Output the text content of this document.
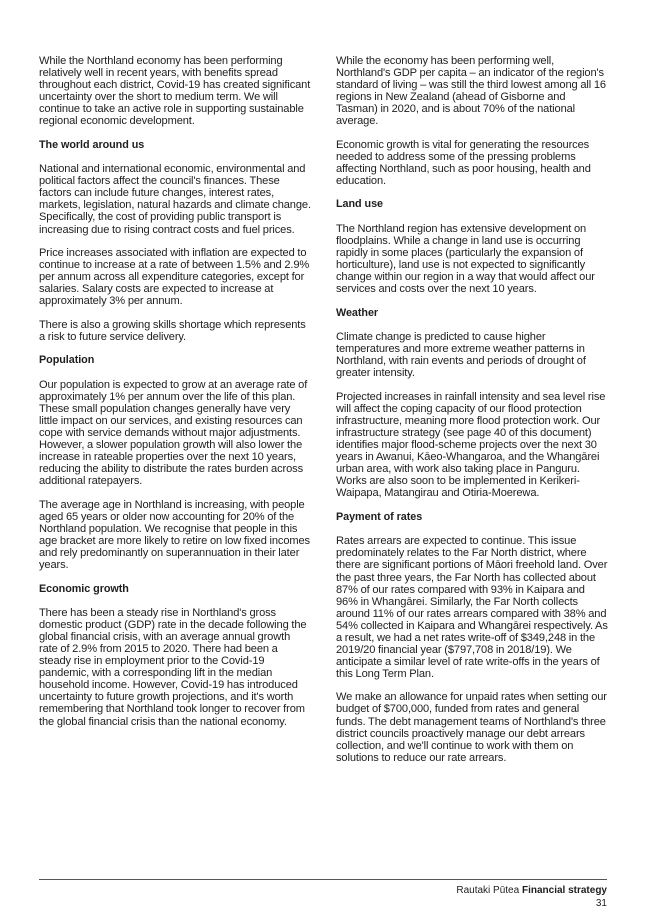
While the Northland economy has been performing relatively well in recent years, with benefits spread throughout each district, Covid-19 has created significant uncertainty over the short to medium term. We will continue to take an active role in supporting sustainable regional economic development.

The world around us

National and international economic, environmental and political factors affect the council's finances. These factors can include future changes, interest rates, markets, legislation, natural hazards and climate change. Specifically, the cost of providing public transport is increasing due to rising contract costs and fuel prices.

Price increases associated with inflation are expected to continue to increase at a rate of between 1.5% and 2.9% per annum across all expenditure categories, except for salaries. Salary costs are expected to increase at approximately 3% per annum.

There is also a growing skills shortage which represents a risk to future service delivery.

Population

Our population is expected to grow at an average rate of approximately 1% per annum over the life of this plan. These small population changes generally have very little impact on our services, and existing resources can cope with service demands without major adjustments. However, a slower population growth will also lower the increase in rateable properties over the next 10 years, reducing the ability to distribute the rates burden across additional ratepayers.

The average age in Northland is increasing, with people aged 65 years or older now accounting for 20% of the Northland population. We recognise that people in this age bracket are more likely to retire on low fixed incomes and rely predominantly on superannuation in their later years.

Economic growth

There has been a steady rise in Northland's gross domestic product (GDP) rate in the decade following the global financial crisis, with an average annual growth rate of 2.9% from 2015 to 2020. There had been a steady rise in employment prior to the Covid-19 pandemic, with a corresponding lift in the median household income. However, Covid-19 has introduced uncertainty to future growth projections, and it's worth remembering that Northland took longer to recover from the global financial crisis than the national economy.

While the economy has been performing well, Northland's GDP per capita – an indicator of the region's standard of living – was still the third lowest among all 16 regions in New Zealand (ahead of Gisborne and Tasman) in 2020, and is about 70% of the national average.

Economic growth is vital for generating the resources needed to address some of the pressing problems affecting Northland, such as poor housing, health and education.

Land use

The Northland region has extensive development on floodplains. While a change in land use is occurring rapidly in some places (particularly the expansion of horticulture), land use is not expected to significantly change within our region in a way that would affect our services and costs over the next 10 years.

Weather

Climate change is predicted to cause higher temperatures and more extreme weather patterns in Northland, with rain events and periods of drought of greater intensity.

Projected increases in rainfall intensity and sea level rise will affect the coping capacity of our flood protection infrastructure, meaning more flood protection work. Our infrastructure strategy (see page 40 of this document) identifies major flood-scheme projects over the next 30 years in Awanui, Kāeo-Whangaroa, and the Whangārei urban area, with work also taking place in Panguru. Works are also soon to be implemented in Kerikeri-Waipapa, Matangirau and Otiria-Moerewa.

Payment of rates

Rates arrears are expected to continue. This issue predominately relates to the Far North district, where there are significant portions of Māori freehold land. Over the past three years, the Far North has collected about 87% of our rates compared with 93% in Kaipara and 96% in Whangārei. Similarly, the Far North collects around 11% of our rates arrears compared with 38% and 54% collected in Kaipara and Whangārei respectively. As a result, we had a net rates write-off of $349,248 in the 2019/20 financial year ($797,708 in 2018/19). We anticipate a similar level of rate write-offs in the years of this Long Term Plan.

We make an allowance for unpaid rates when setting our budget of $700,000, funded from rates and general funds. The debt management teams of Northland's three district councils proactively manage our debt arrears collection, and we'll continue to work with them on solutions to reduce our rate arrears.

Rautaki Pūtea Financial strategy
31
